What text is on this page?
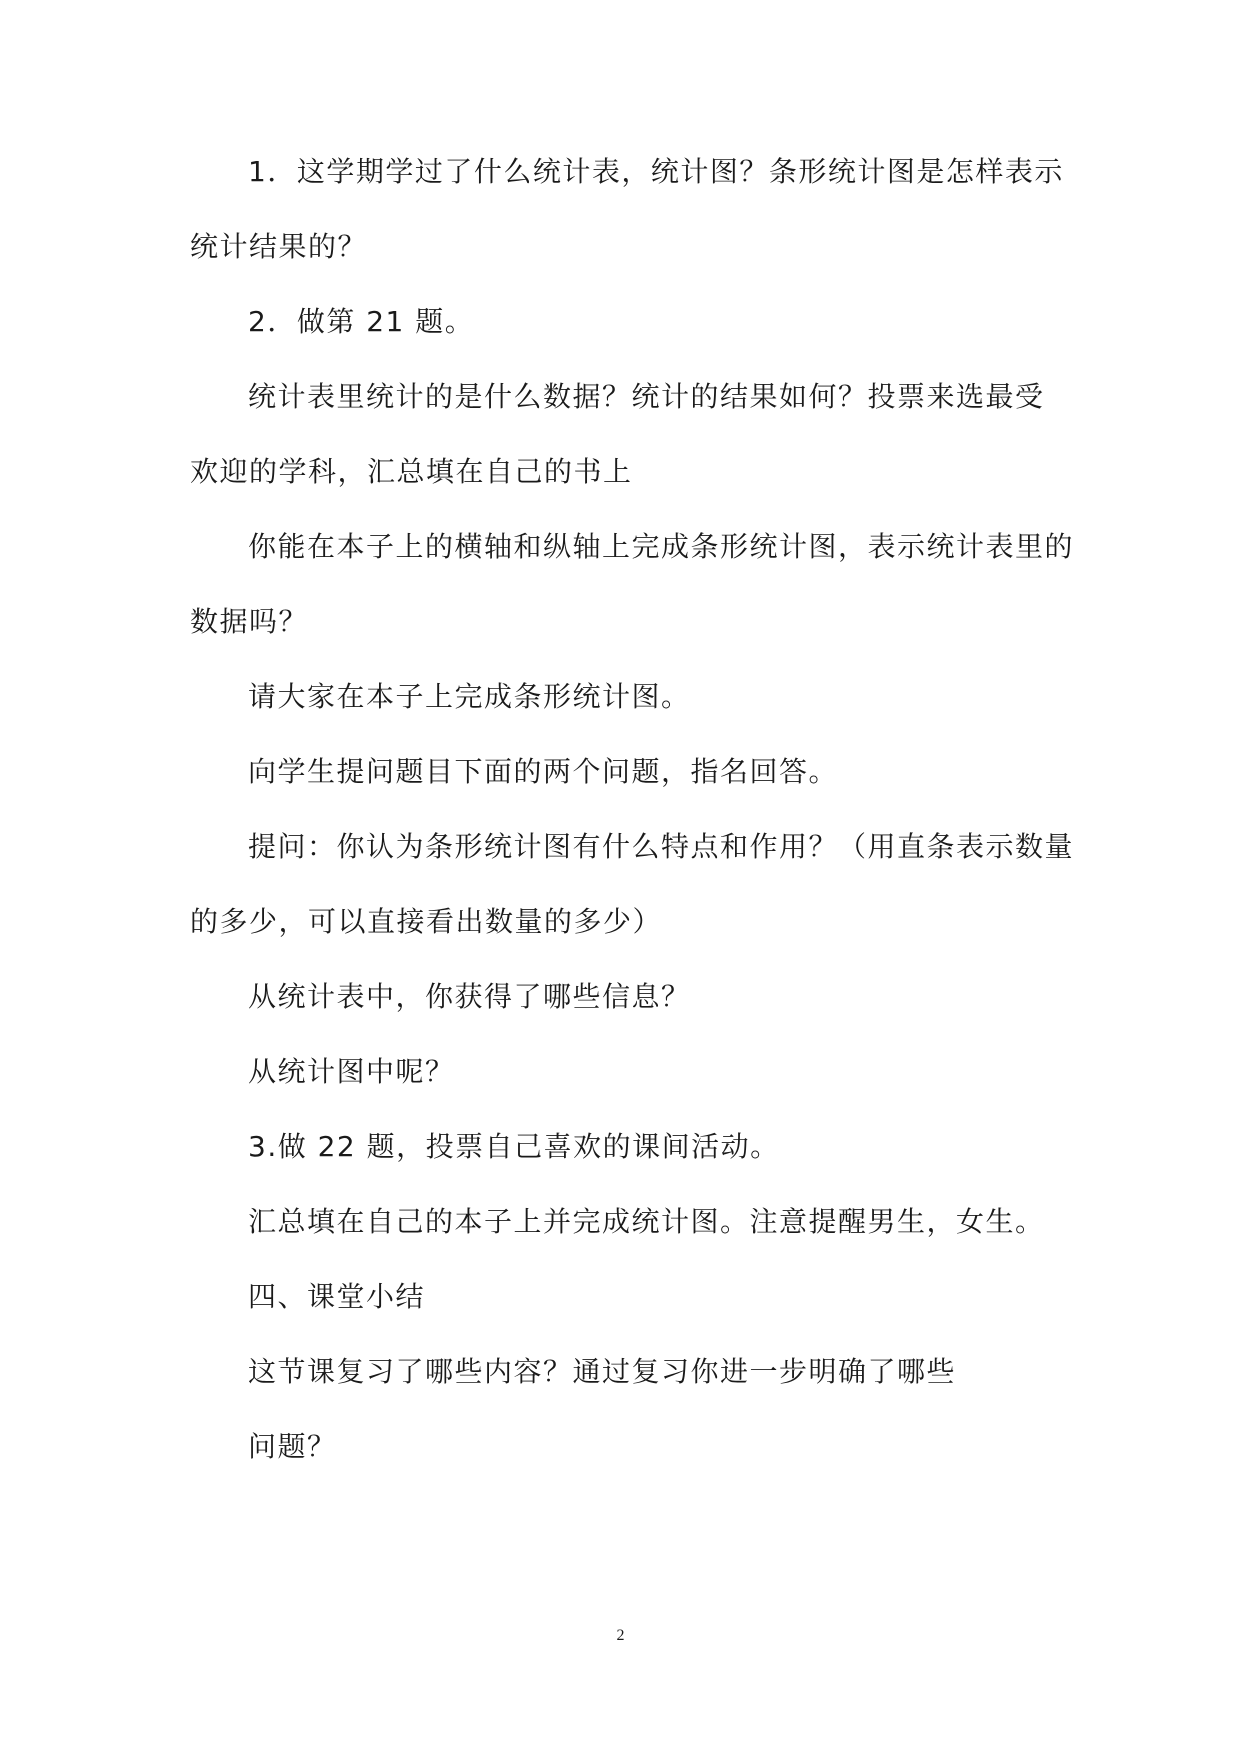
1．这学期学过了什么统计表，统计图？条形统计图是怎样表示
统计结果的？
2．做第 21 题。
统计表里统计的是什么数据？统计的结果如何？投票来选最受
欢迎的学科，汇总填在自己的书上
你能在本子上的横轴和纵轴上完成条形统计图，表示统计表里的
数据吗？
请大家在本子上完成条形统计图。
向学生提问题目下面的两个问题，指名回答。
提问：你认为条形统计图有什么特点和作用？（用直条表示数量
的多少，可以直接看出数量的多少）
从统计表中，你获得了哪些信息？
从统计图中呢？
3.做 22 题，投票自己喜欢的课间活动。
汇总填在自己的本子上并完成统计图。注意提醒男生，女生。
四、课堂小结
这节课复习了哪些内容？通过复习你进一步明确了哪些
问题？
2
